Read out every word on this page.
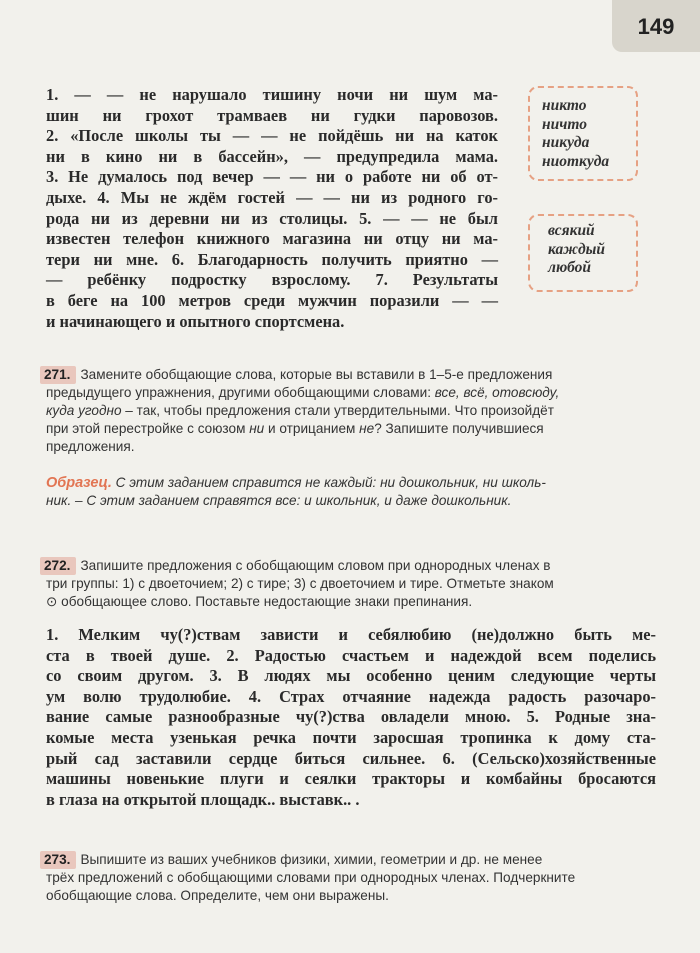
149
1. — — не нарушало тишину ночи ни шум ма-
шин ни грохот трамваев ни гудки паровозов.
2. «После школы ты — — не пойдёшь ни на каток
ни в кино ни в бассейн», — предупредила мама.
3. Не думалось под вечер — — ни о работе ни об от-
дыхе. 4. Мы не ждём гостей — — ни из родного го-
рода ни из деревни ни из столицы. 5. — — не был
известен телефон книжного магазина ни отцу ни ма-
тери ни мне. 6. Благодарность получить приятно —
— ребёнку подростку взрослому. 7. Результаты
в беге на 100 метров среди мужчин поразили — —
и начинающего и опытного спортсмена.
никто
ничто
никуда
ниоткуда
всякий
каждый
любой
271. Замените обобщающие слова, которые вы вставили в 1–5-е предложения
предыдущего упражнения, другими обобщающими словами: все, всё, отовсюду,
куда угодно – так, чтобы предложения стали утвердительными. Что произойдёт
при этой перестройке с союзом ни и отрицанием не? Запишите получившиеся
предложения.
Образец. С этим заданием справится не каждый: ни дошкольник, ни школь-
ник. – С этим заданием справятся все: и школьник, и даже дошкольник.
272. Запишите предложения с обобщающим словом при однородных членах в
три группы: 1) с двоеточием; 2) с тире; 3) с двоеточием и тире. Отметьте знаком
⊙ обобщающее слово. Поставьте недостающие знаки препинания.
1. Мелким чу(?)ствам зависти и себялюбию (не)должно быть ме-
ста в твоей душе. 2. Радостью счастьем и надеждой всем поделись
со своим другом. 3. В людях мы особенно ценим следующие черты
ум волю трудолюбие. 4. Страх отчаяние надежда радость разочаро-
вание самые разнообразные чу(?)ства овладели мною. 5. Родные зна-
комые места узенькая речка почти заросшая тропинка к дому ста-
рый сад заставили сердце биться сильнее. 6. (Сельско)хозяйственные
машины новенькие плуги и сеялки тракторы и комбайны бросаются
в глаза на открытой площадк.. выставк.. .
273. Выпишите из ваших учебников физики, химии, геометрии и др. не менее
трёх предложений с обобщающими словами при однородных членах. Подчеркните
обобщающие слова. Определите, чем они выражены.
